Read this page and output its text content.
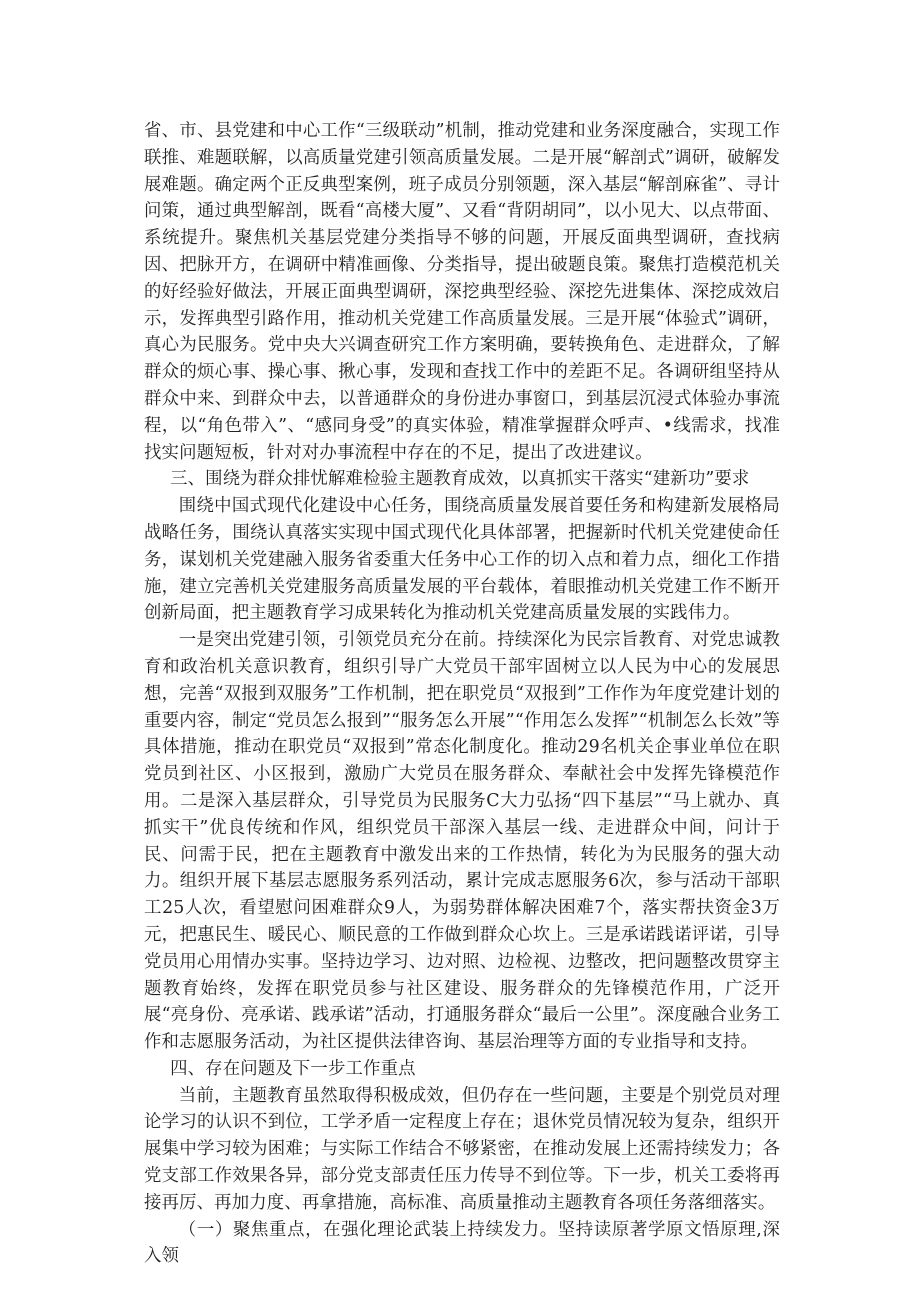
省、市、县党建和中心工作“三级联动”机制，推动党建和业务深度融合，实现工作联推、难题联解，以高质量党建引领高质量发展。二是开展“解剖式”调研，破解发展难题。确定两个正反典型案例，班子成员分别领题，深入基层“解剖麻雀”、寻计问策，通过典型解剖，既看“高楼大厦”、又看“背阴胡同”，以小见大、以点带面、系统提升。聚焦机关基层党建分类指导不够的问题，开展反面典型调研，查找病因、把脉开方，在调研中精准画像、分类指导，提出破题良策。聚焦打造模范机关的好经验好做法，开展正面典型调研，深挖典型经验、深挖先进集体、深挖成效启示，发挥典型引路作用，推动机关党建工作高质量发展。三是开展“体验式”调研，真心为民服务。党中央大兴调查研究工作方案明确，要转换角色、走进群众，了解群众的烦心事、操心事、揪心事，发现和查找工作中的差距不足。各调研组坚持从群众中来、到群众中去，以普通群众的身份进办事窗口，到基层沉浸式体验办事流程，以“角色带入”、“感同身受”的真实体验，精准掌握群众呼声、•线需求，找准找实问题短板，针对对办事流程中存在的不足，提出了改进建议。

三、围绕为群众排忧解难检验主题教育成效，以真抓实干落实“建新功”要求

围绕中国式现代化建设中心任务，围绕高质量发展首要任务和构建新发展格局战略任务，围绕认真落实实现中国式现代化具体部署，把握新时代机关党建使命任务，谋划机关党建融入服务省委重大任务中心工作的切入点和着力点，细化工作措施，建立完善机关党建服务高质量发展的平台载体，着眼推动机关党建工作不断开创新局面，把主题教育学习成果转化为推动机关党建高质量发展的实践伟力。

一是突出党建引领，引领党员充分在前。持续深化为民宗旨教育、对党忠诚教育和政治机关意识教育，组织引导广大党员干部牢固树立以人民为中心的发展思想，完善“双报到双服务”工作机制，把在职党员“双报到”工作作为年度党建计划的重要内容，制定“党员怎么报到”“服务怎么开展”“作用怎么发挥”“机制怎么长效”等具体措施，推动在职党员“双报到”常态化制度化。推动29名机关企事业单位在职党员到社区、小区报到，激励广大党员在服务群众、奉献社会中发挥先锋模范作用。二是深入基层群众，引导党员为民服务C大力弘扬“四下基层”“马上就办、真抓实干”优良传统和作风，组织党员干部深入基层一线、走进群众中间，问计于民、问需于民，把在主题教育中激发出来的工作热情，转化为为民服务的强大动力。组织开展下基层志愿服务系列活动，累计完成志愿服务6次，参与活动干部职工25人次，看望慰问困难群众9人，为弱势群体解决困难7个，落实帮扶资金3万元，把惠民生、暖民心、顺民意的工作做到群众心坎上。三是承诺践诺评诺，引导党员用心用情办实事。坚持边学习、边对照、边检视、边整改，把问题整改贯穿主题教育始终，发挥在职党员参与社区建设、服务群众的先锋模范作用，广泛开展“亮身份、亮承诺、践承诺”活动，打通服务群众“最后一公里”。深度融合业务工作和志愿服务活动，为社区提供法律咨询、基层治理等方面的专业指导和支持。

四、存在问题及下一步工作重点

当前，主题教育虽然取得积极成效，但仍存在一些问题，主要是个别党员对理论学习的认识不到位，工学矛盾一定程度上存在；退休党员情况较为复杂，组织开展集中学习较为困难；与实际工作结合不够紧密，在推动发展上还需持续发力；各党支部工作效果各异，部分党支部责任压力传导不到位等。下一步，机关工委将再接再厉、再加力度、再拿措施，高标准、高质量推动主题教育各项任务落细落实。

（一）聚焦重点，在强化理论武装上持续发力。坚持读原著学原文悟原理,深入领
